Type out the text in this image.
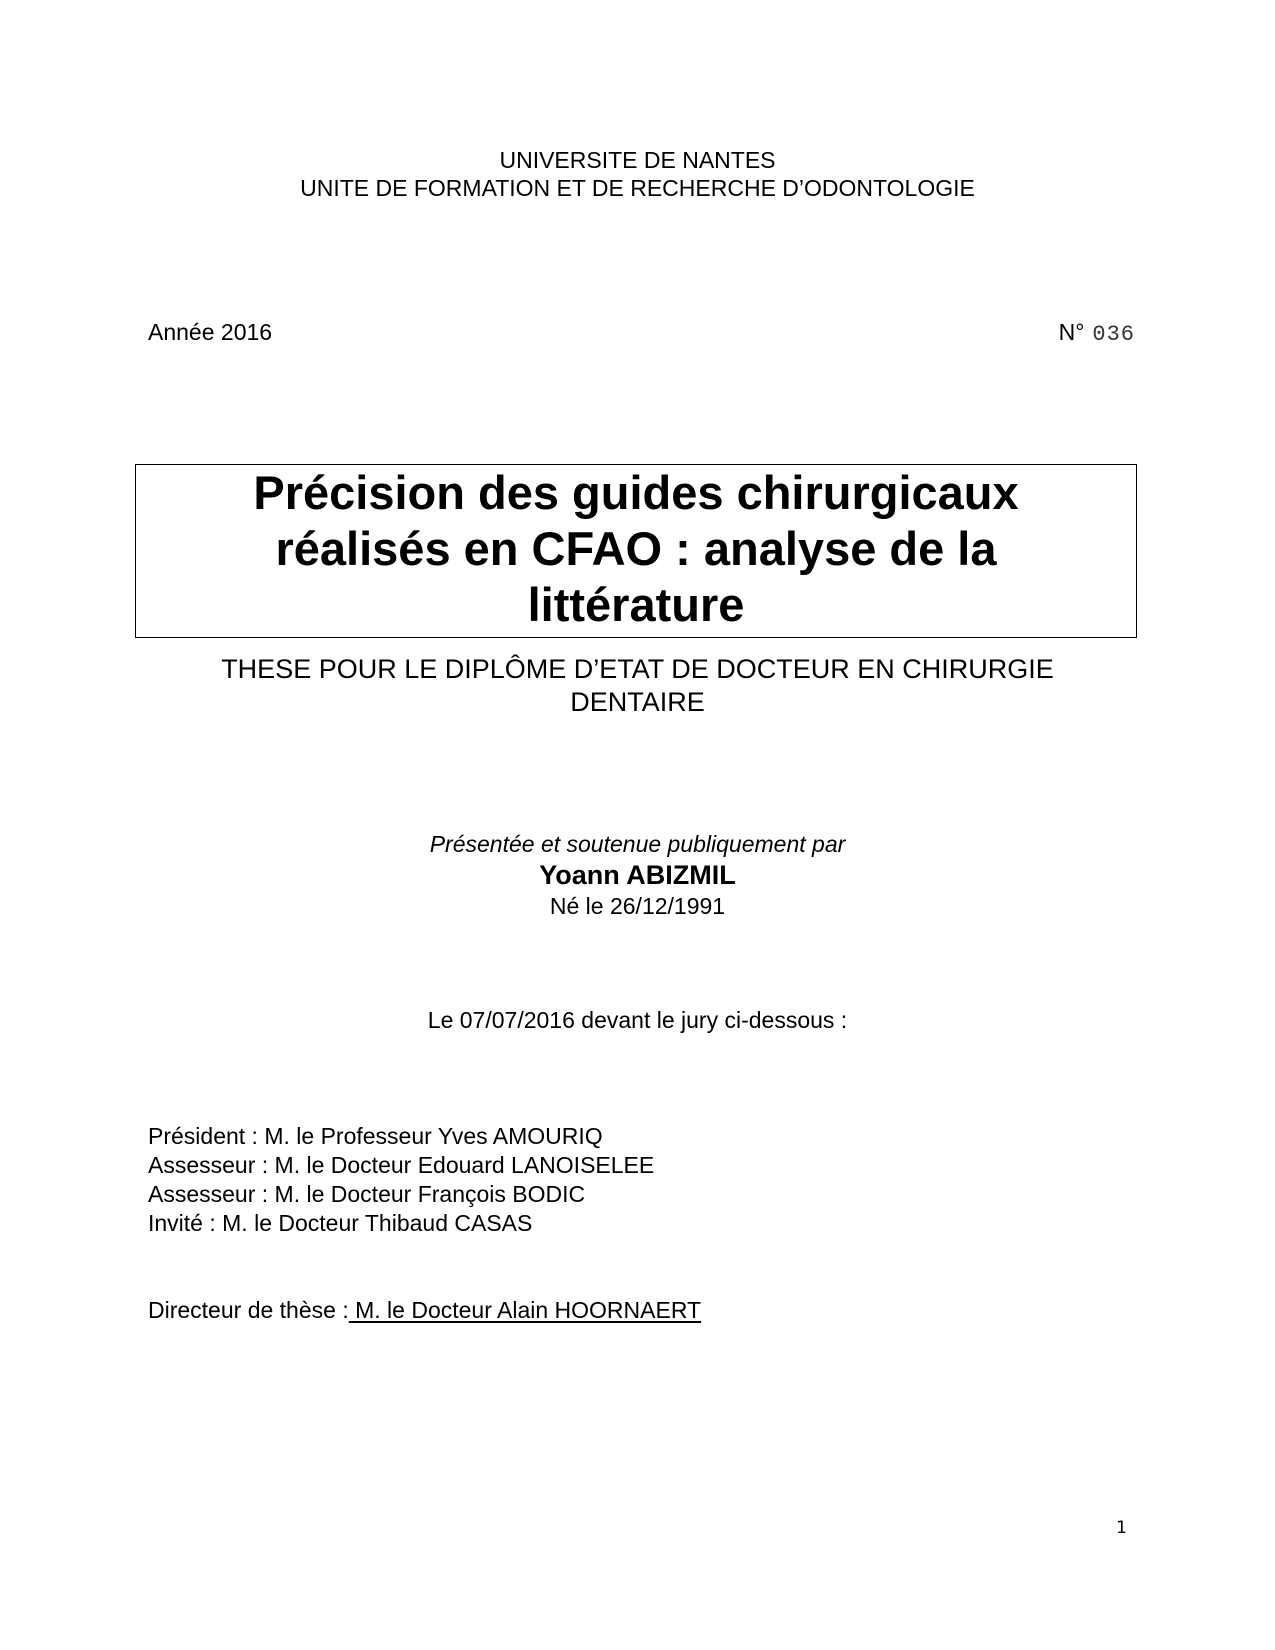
UNIVERSITE DE NANTES
UNITE DE FORMATION ET DE RECHERCHE D’ODONTOLOGIE
Année 2016	N° 036
Précision des guides chirurgicaux
réalisés en CFAO : analyse de la
littérature
THESE POUR LE DIPLÔME D’ETAT DE DOCTEUR EN CHIRURGIE
DENTAIRE
Présentée et soutenue publiquement par
Yoann ABIZMIL
Né le 26/12/1991
Le 07/07/2016 devant le jury ci-dessous :
Président : M. le Professeur Yves AMOURIQ
Assesseur : M. le Docteur Edouard LANOISELEE
Assesseur : M. le Docteur François BODIC
Invité : M. le Docteur Thibaud CASAS
Directeur de thèse : M. le Docteur Alain HOORNAERT
1
